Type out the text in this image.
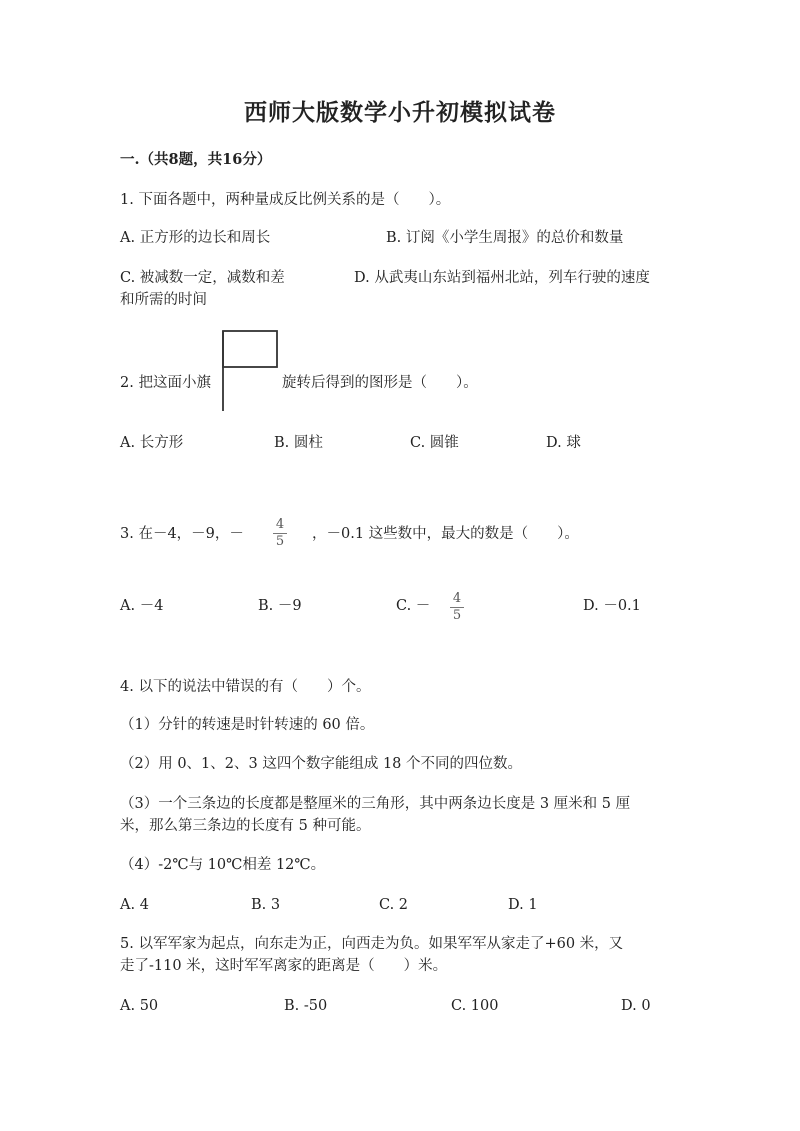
西师大版数学小升初模拟试卷
一.（共8题，共16分）
1. 下面各题中，两种量成反比例关系的是（　　）。
A. 正方形的边长和周长	B. 订阅《小学生周报》的总价和数量
C. 被减数一定，减数和差	D. 从武夷山东站到福州北站，列车行驶的速度
和所需的时间
2. 把这面小旗	旋转后得到的图形是（　　）。
A. 长方形	B. 圆柱	C. 圆锥	D. 球
3. 在－4，－9，－ $\frac{4}{5}$ ，－0.1 这些数中，最大的数是（　　）。
A. －4	B. －9	C. － $\frac{4}{5}$	D. －0.1
4. 以下的说法中错误的有（　　）个。
（1）分针的转速是时针转速的 60 倍。
（2）用 0、1、2、3 这四个数字能组成 18 个不同的四位数。
（3）一个三条边的长度都是整厘米的三角形，其中两条边长度是 3 厘米和 5 厘
米，那么第三条边的长度有 5 种可能。
（4）-2℃与 10℃相差 12℃。
A. 4	B. 3	C. 2	D. 1
5. 以军军家为起点，向东走为正，向西走为负。如果军军从家走了+60 米，又
走了-110 米，这时军军离家的距离是（　　）米。
A. 50	B. -50	C. 100	D. 0
